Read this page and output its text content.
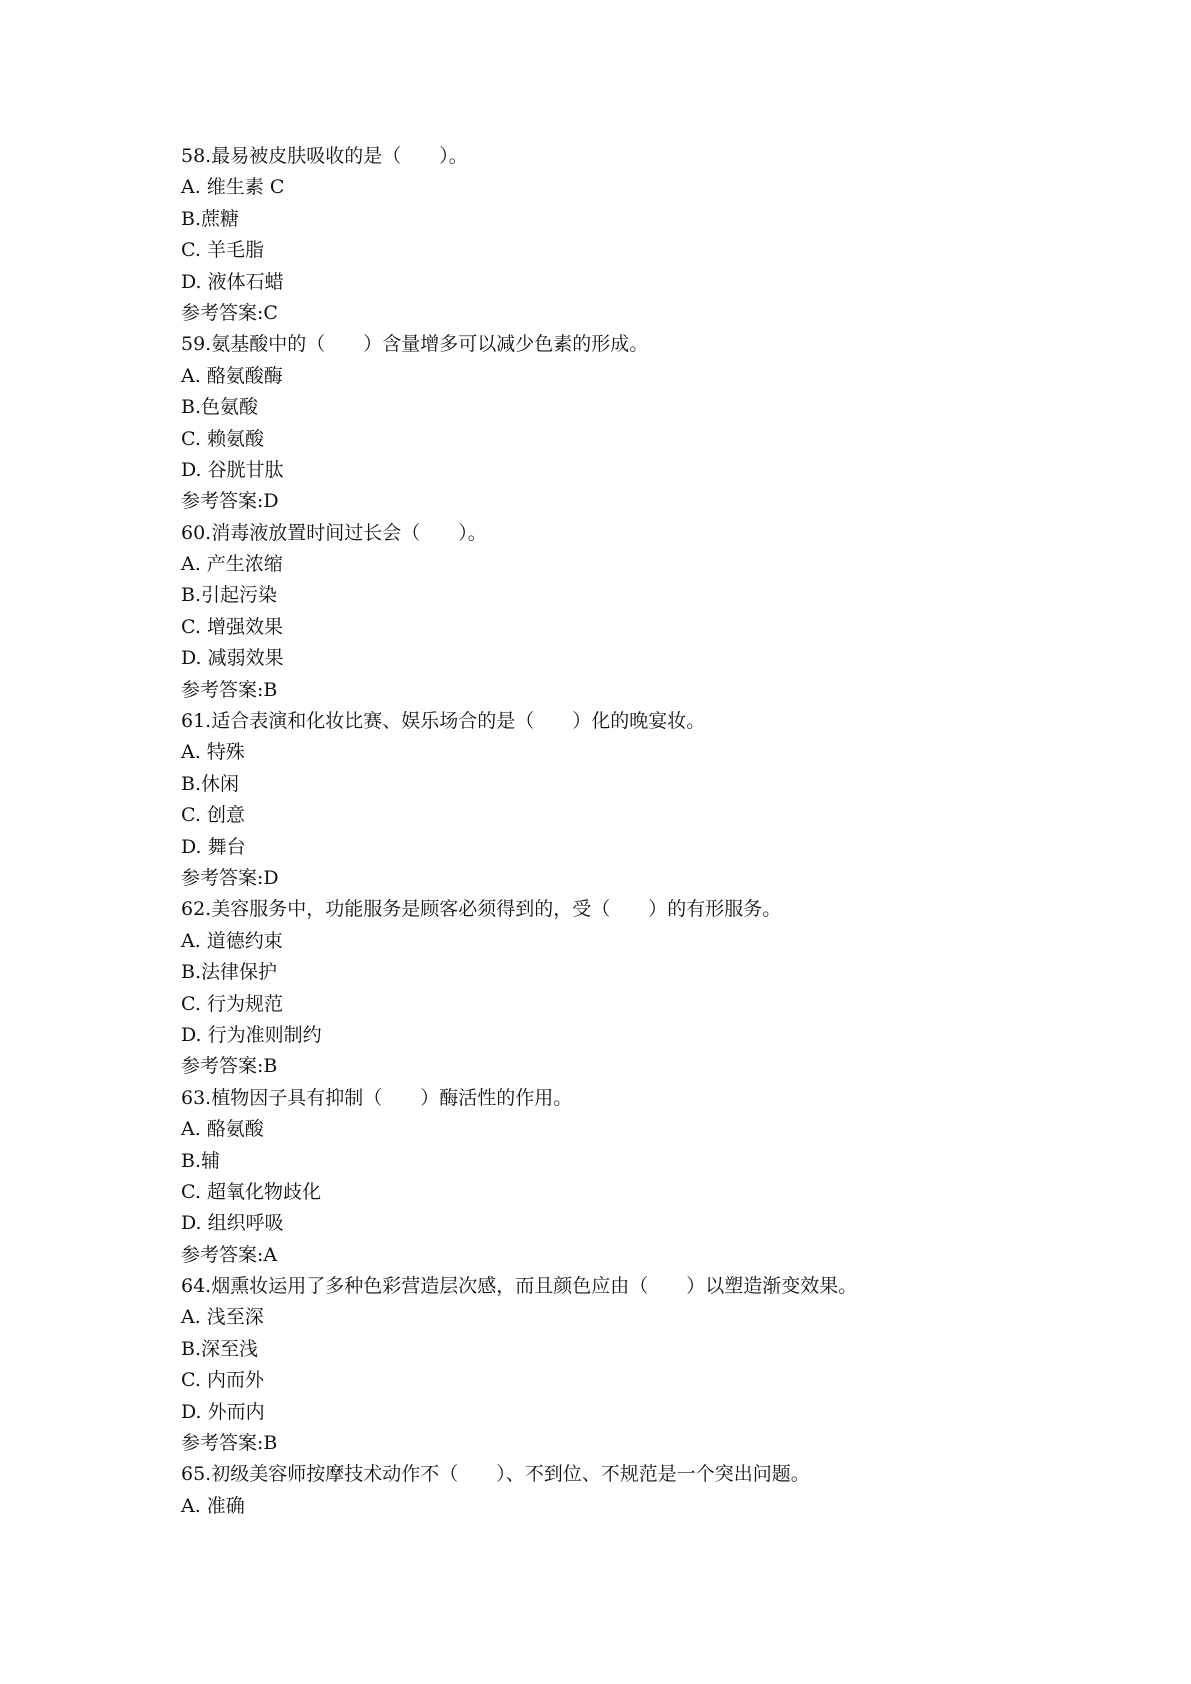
58.最易被皮肤吸收的是（　　）。
A. 维生素 C
B.蔗糖
C. 羊毛脂
D. 液体石蜡
参考答案:C
59.氨基酸中的（　　）含量增多可以减少色素的形成。
A. 酪氨酸酶
B.色氨酸
C. 赖氨酸
D. 谷胱甘肽
参考答案:D
60.消毒液放置时间过长会（　　）。
A. 产生浓缩
B.引起污染
C. 增强效果
D. 减弱效果
参考答案:B
61.适合表演和化妆比赛、娱乐场合的是（　　）化的晚宴妆。
A. 特殊
B.休闲
C. 创意
D. 舞台
参考答案:D
62.美容服务中，功能服务是顾客必须得到的，受（　　）的有形服务。
A. 道德约束
B.法律保护
C. 行为规范
D. 行为准则制约
参考答案:B
63.植物因子具有抑制（　　）酶活性的作用。
A. 酪氨酸
B.辅
C. 超氧化物歧化
D. 组织呼吸
参考答案:A
64.烟熏妆运用了多种色彩营造层次感，而且颜色应由（　　）以塑造渐变效果。
A. 浅至深
B.深至浅
C. 内而外
D. 外而内
参考答案:B
65.初级美容师按摩技术动作不（　　）、不到位、不规范是一个突出问题。
A. 准确
